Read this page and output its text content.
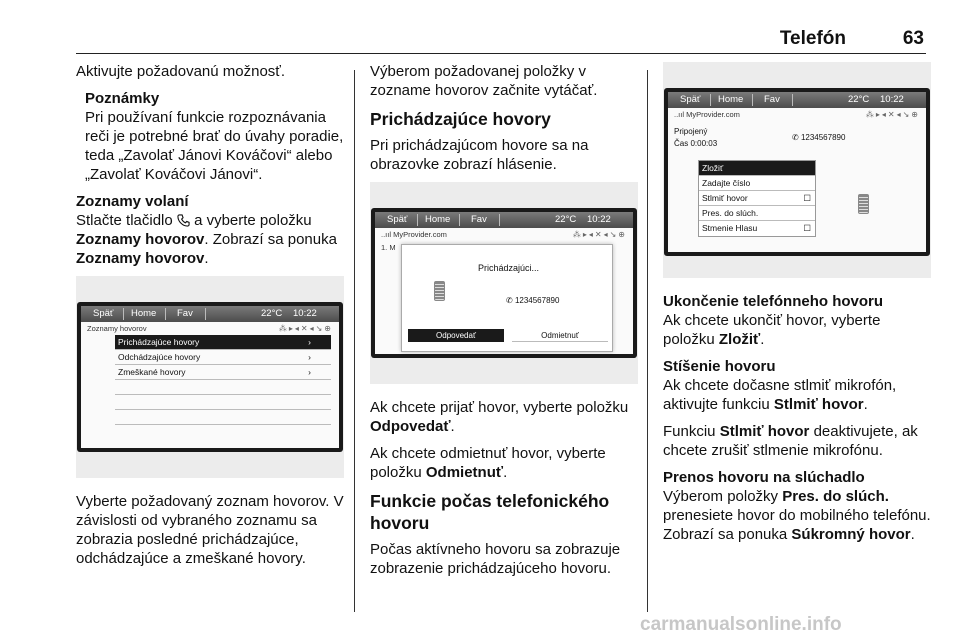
Telefón	63

Aktivujte požadovanú možnosť.

Poznámky
Pri používaní funkcie rozpoznávania reči je potrebné brať do úvahy poradie, teda „Zavolať Jánovi Kováčovi“ alebo „Zavolať Kováčovi Jánovi“.
Zoznamy volaní

Stlačte tlačidlo a vyberte položku Zoznamy hovorov. Zobrazí sa ponuka Zoznamy hovorov.

Späť Home Fav	22°C 10:22
Zoznamy hovorov	⁂▸◂✕◂↘⊕
Prichádzajúce hovory	›
Odchádzajúce hovory	›
Zmeškané hovory	›

Vyberte požadovaný zoznam hovorov. V závislosti od vybraného zoznamu sa zobrazia posledné prichádzajúce, odchádzajúce a zmeškané hovory.

Výberom požadovanej položky v zozname hovorov začnite vytáčať.

Prichádzajúce hovory

Pri prichádzajúcom hovore sa na obrazovke zobrazí hlásenie.

Späť Home Fav	22°C 10:22
..ııl MyProvider.com	⁂▸◂✕◂↘⊕
1. M
Prichádzajúci...
✆ 1234567890
Odpovedať	Odmietnuť

Ak chcete prijať hovor, vyberte položku Odpovedať.

Ak chcete odmietnuť hovor, vyberte položku Odmietnuť.

Funkcie počas telefonického hovoru

Počas aktívneho hovoru sa zobrazuje zobrazenie prichádzajúceho hovoru.

Späť Home Fav	22°C 10:22
..ııl MyProvider.com	⁂▸◂✕◂↘⊕
Pripojený
Čas 0:00:03
✆ 1234567890
Zložiť
Zadajte číslo
Stlmiť hovor	☐
Pres. do slúch.
Stmenie Hlasu	☐
Ukončenie telefónneho hovoru

Ak chcete ukončiť hovor, vyberte položku Zložiť.

Stíšenie hovoru

Ak chcete dočasne stlmiť mikrofón, aktivujte funkciu Stlmiť hovor.

Funkciu Stlmiť hovor deaktivujete, ak chcete zrušiť stlmenie mikrofónu.

Prenos hovoru na slúchadlo

Výberom položky Pres. do slúch. prenesiete hovor do mobilného telefónu. Zobrazí sa ponuka Súkromný hovor.

carmanualsonline.info
